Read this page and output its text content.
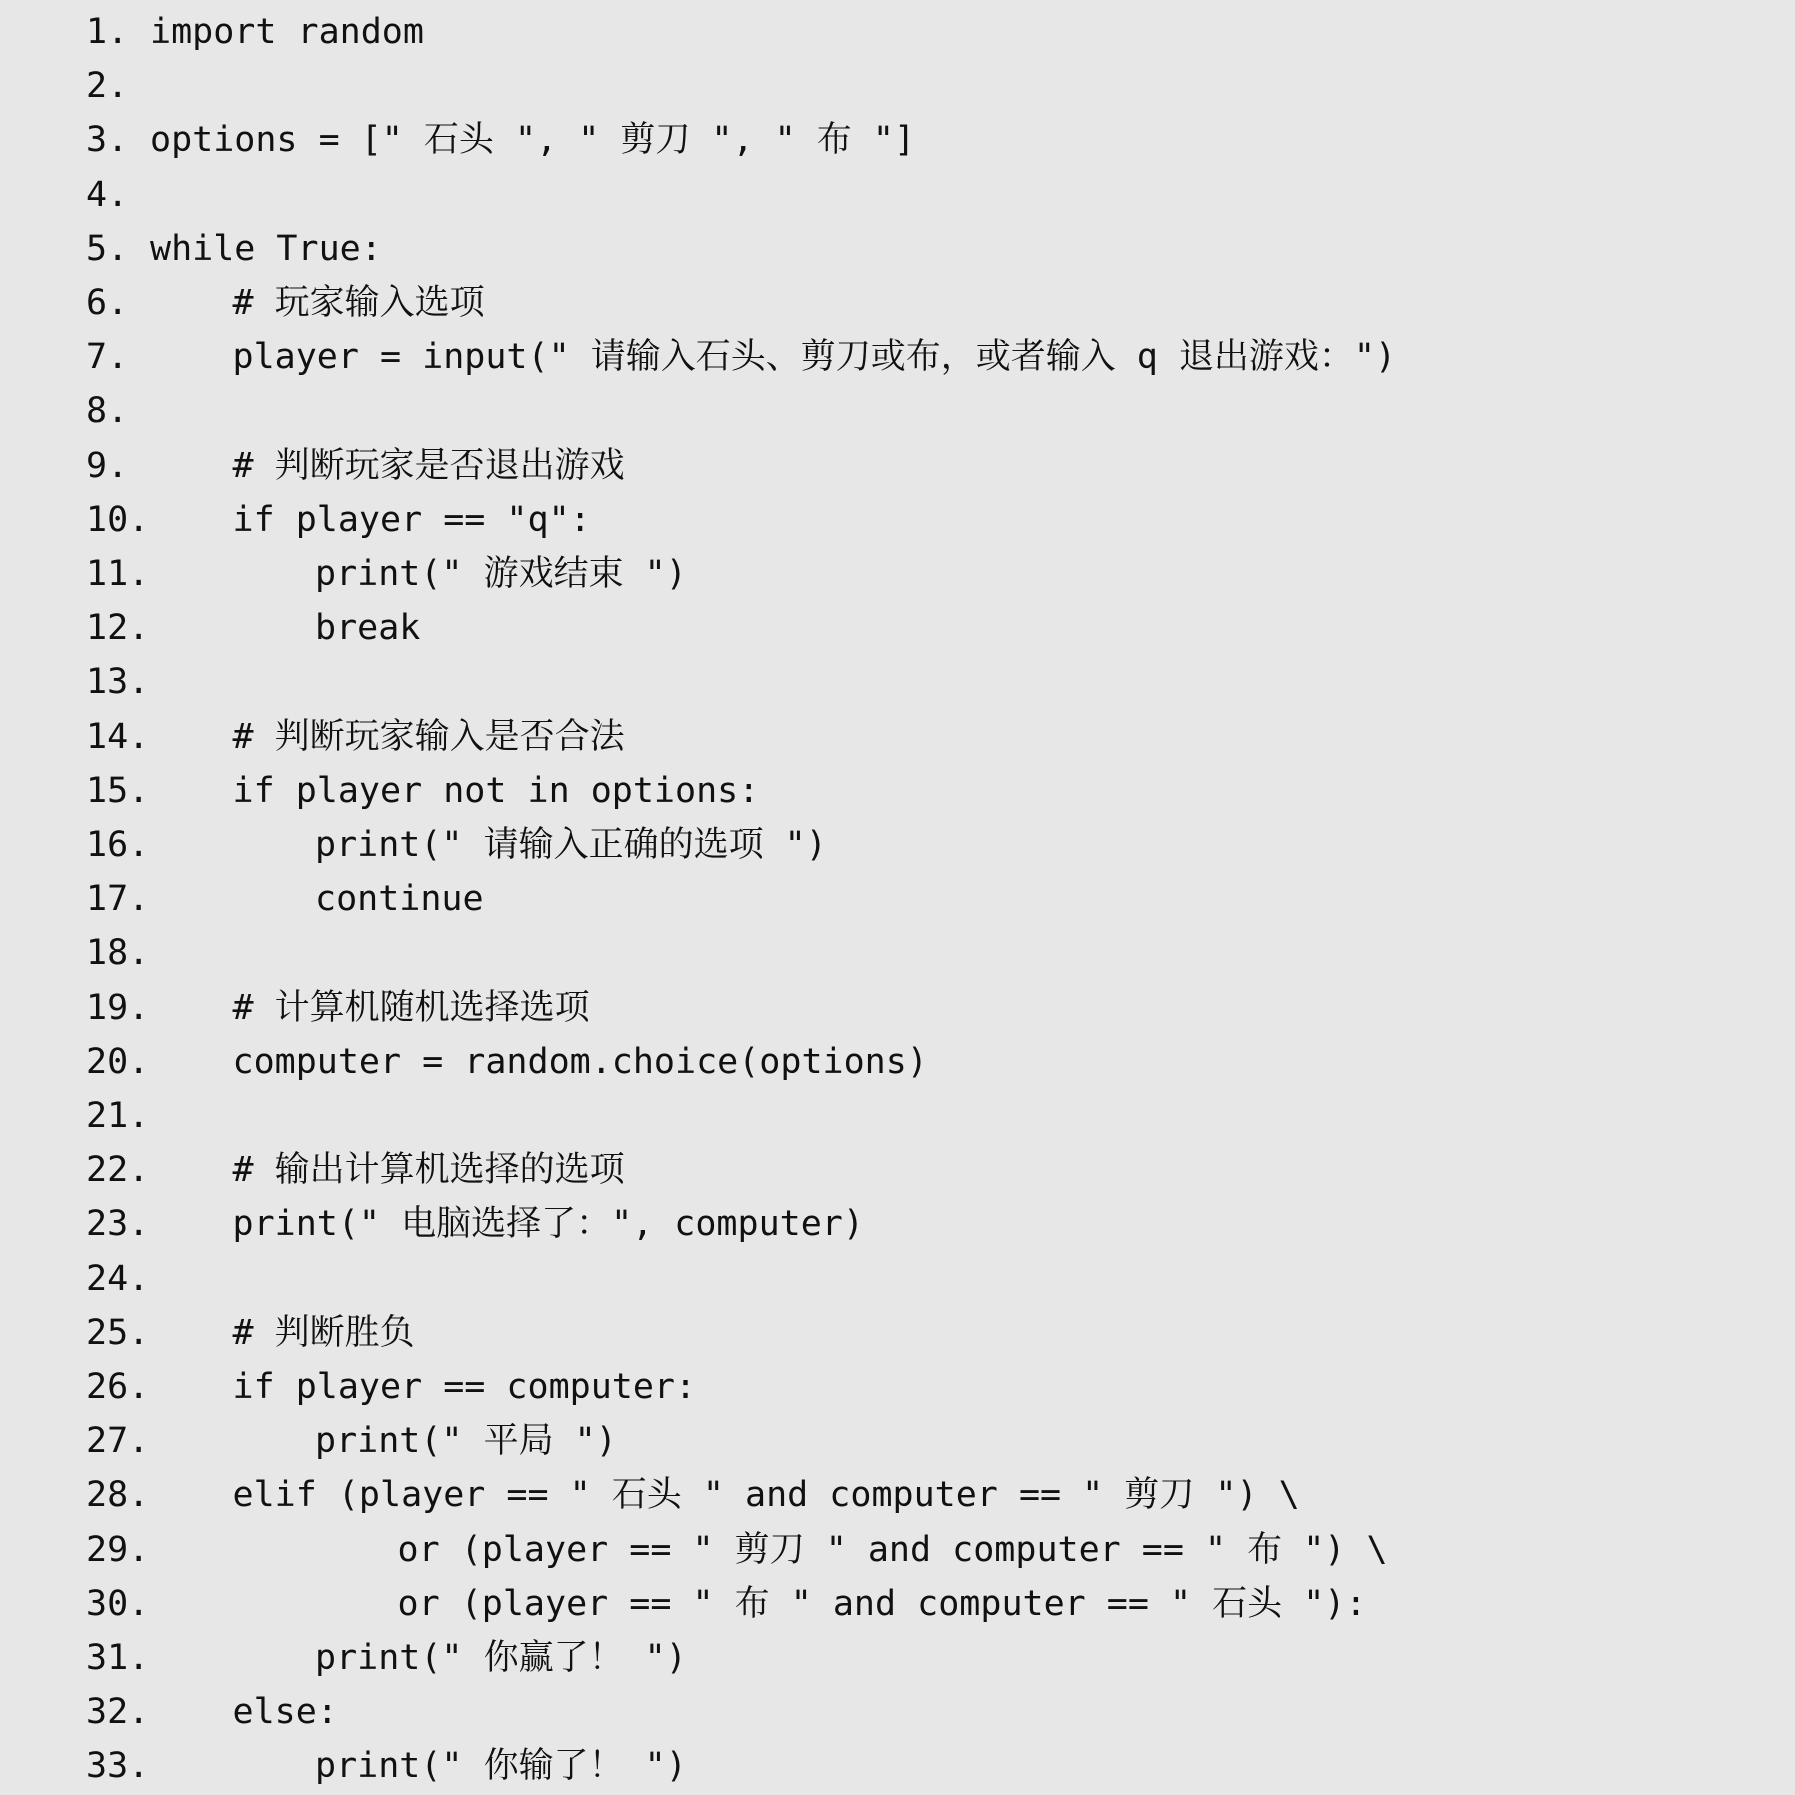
1. import random
2.
3. options = [" 石头 ", " 剪刀 ", " 布 "]
4.
5. while True:
6.	# 玩家输入选项
7.	player = input(" 请输入石头、剪刀或布，或者输入 q 退出游戏：")
8.
9.	# 判断玩家是否退出游戏
10. if player == "q":
11.	print(" 游戏结束 ")
12.	break
13.
14. # 判断玩家输入是否合法
15. if player not in options:
16.	print(" 请输入正确的选项 ")
17.	continue
18.
19. # 计算机随机选择选项
20. computer = random.choice(options)
21.
22. # 输出计算机选择的选项
23. print(" 电脑选择了：", computer)
24.
25. # 判断胜负
26. if player == computer:
27.	print(" 平局 ")
28. elif (player == " 石头 " and computer == " 剪刀 ") \
29.	or (player == " 剪刀 " and computer == " 布 ") \
30.	or (player == " 布 " and computer == " 石头 "):
31.	print(" 你赢了！ ")
32. else:
33.	print(" 你输了！ ")
